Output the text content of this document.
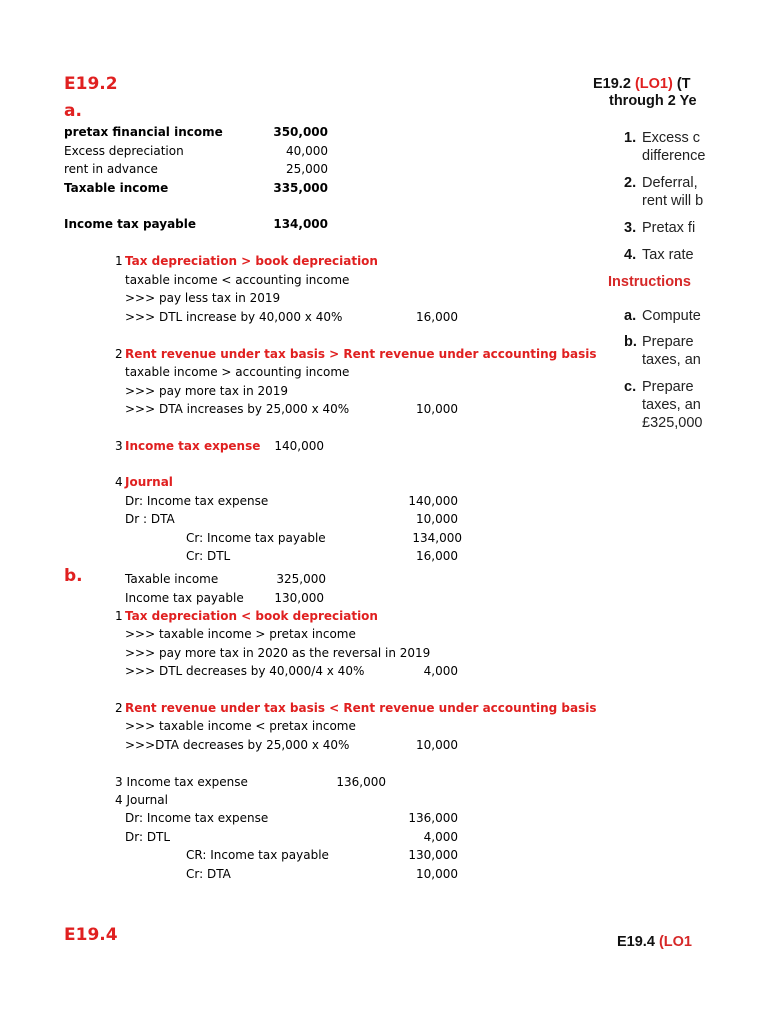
E19.2
a.
pretax financial income	350,000
Excess depreciation	40,000
rent in advance	25,000
Taxable income	335,000
Income tax payable	134,000
1 Tax depreciation > book depreciation
taxable income < accounting income
>>> pay less tax in 2019
>>> DTL increase by 40,000 x 40%	16,000
2 Rent revenue under tax basis > Rent revenue under accounting basis
taxable income > accounting income
>>> pay more tax in 2019
>>> DTA increases by 25,000 x 40%	10,000
3 Income tax expense	140,000
4 Journal
Dr: Income tax expense	140,000
Dr : DTA	10,000
Cr: Income tax payable	134,000
Cr: DTL	16,000
b.	Taxable income	325,000
Income tax payable	130,000
1 Tax depreciation < book depreciation
>>> taxable income > pretax income
>>> pay more tax in 2020 as the reversal in 2019
>>> DTL decreases by 40,000/4 x 40%	4,000
2 Rent revenue under tax basis < Rent revenue under accounting basis
>>> taxable income < pretax income
>>>DTA decreases by 25,000 x 40%	10,000
3 Income tax expense	136,000
4 Journal
Dr: Income tax expense	136,000
Dr: DTL	4,000
CR: Income tax payable	130,000
Cr: DTA	10,000
E19.4
E19.2 (LO1) (T
through 2 Ye
1. Excess c
difference
2. Deferral,
rent will b
3. Pretax fi
4. Tax rate
Instructions
a. Compute
b. Prepare
taxes, an
c. Prepare
taxes, an
£325,000
E19.4 (LO1
